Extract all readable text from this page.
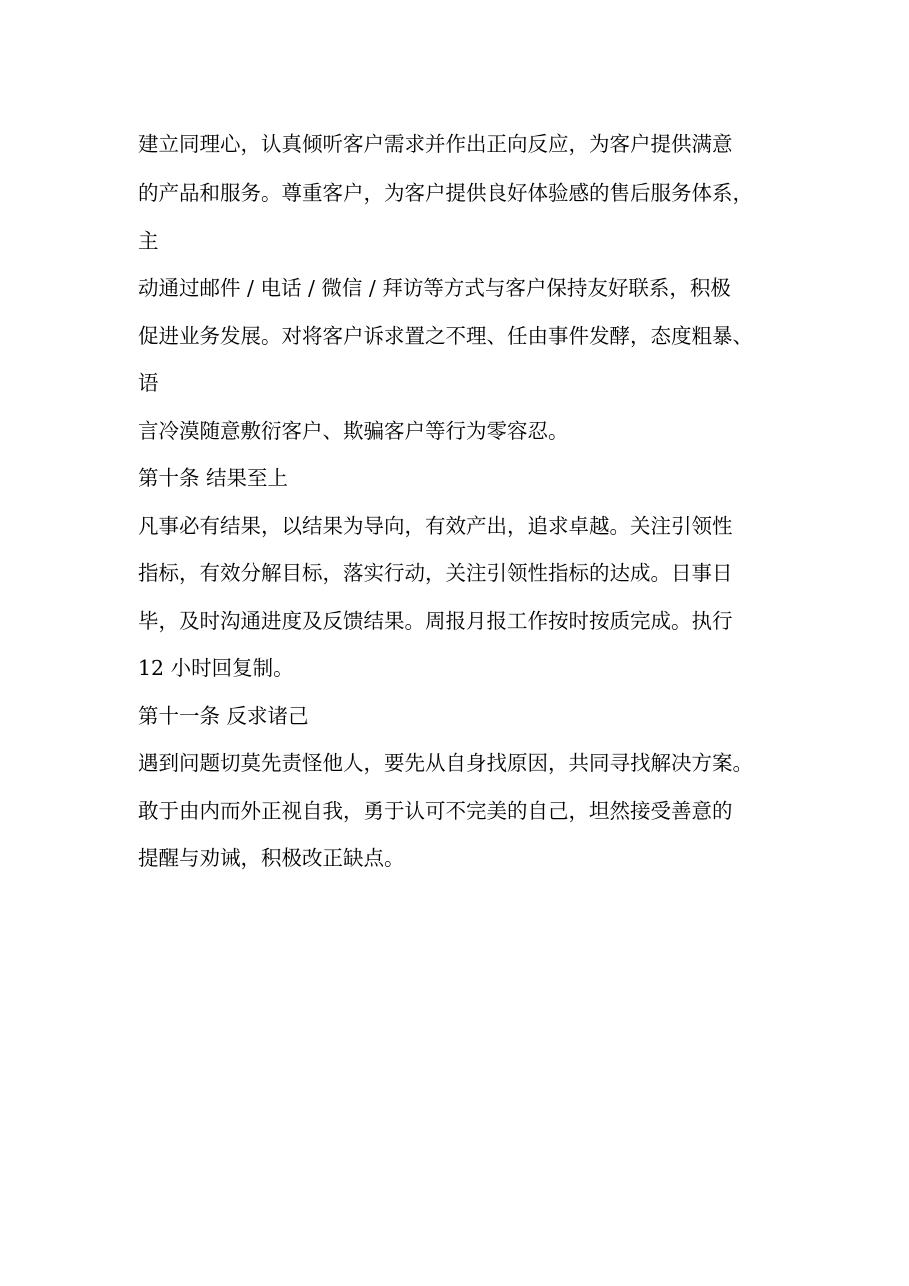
建立同理心，认真倾听客户需求并作出正向反应，为客户提供满意

的产品和服务。尊重客户，为客户提供良好体验感的售后服务体系，

主

动通过邮件 / 电话 / 微信 / 拜访等方式与客户保持友好联系，积极

促进业务发展。对将客户诉求置之不理、任由事件发酵，态度粗暴、

语

言冷漠随意敷衍客户、欺骗客户等行为零容忍。

第十条 结果至上

凡事必有结果，以结果为导向，有效产出，追求卓越。关注引领性

指标，有效分解目标，落实行动，关注引领性指标的达成。日事日

毕，及时沟通进度及反馈结果。周报月报工作按时按质完成。执行

12 小时回复制。

第十一条 反求诸己

遇到问题切莫先责怪他人，要先从自身找原因，共同寻找解决方案。

敢于由内而外正视自我，勇于认可不完美的自己，坦然接受善意的

提醒与劝诫，积极改正缺点。
